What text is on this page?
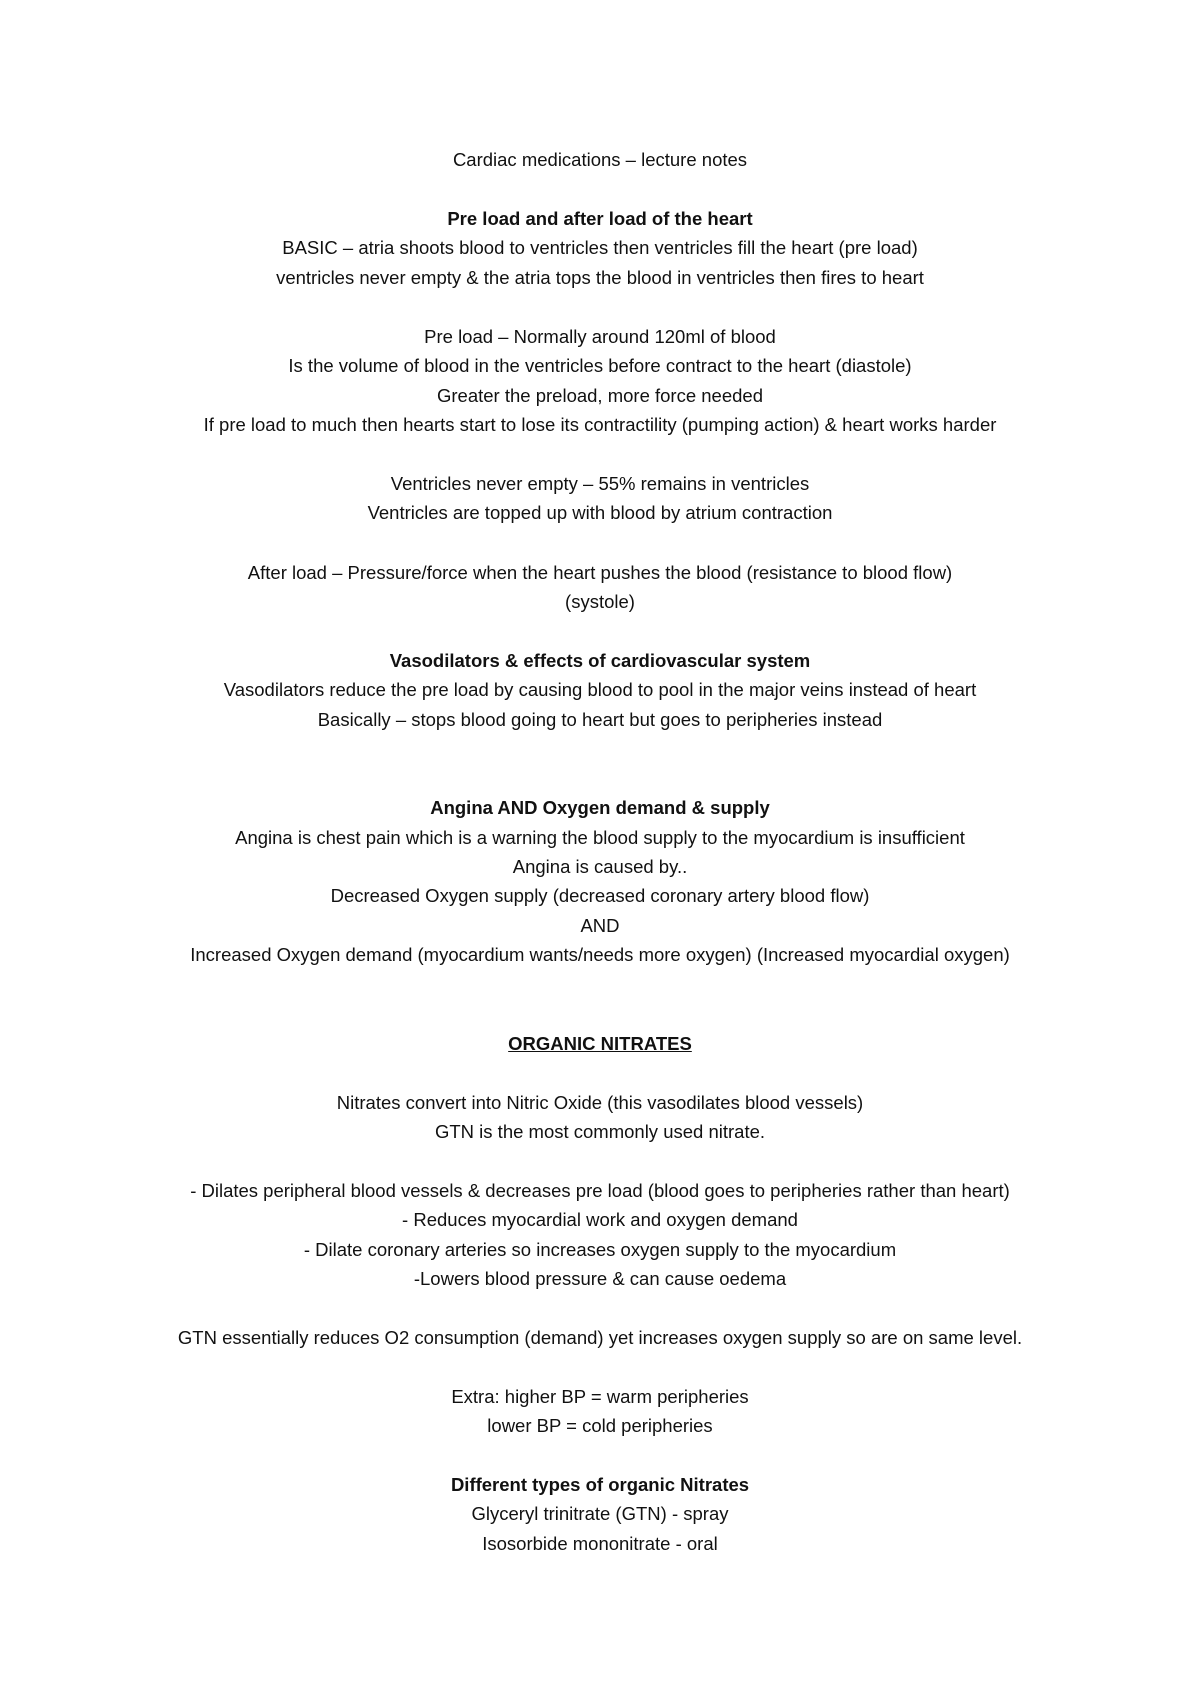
Cardiac medications – lecture notes

Pre load and after load of the heart

BASIC – atria shoots blood to ventricles then ventricles fill the heart (pre load)

ventricles never empty & the atria tops the blood in ventricles then fires to heart

Pre load – Normally around 120ml of blood

Is the volume of blood in the ventricles before contract to the heart (diastole)

Greater the preload, more force needed

If pre load to much then hearts start to lose its contractility (pumping action) & heart works harder

Ventricles never empty – 55% remains in ventricles

Ventricles are topped up with blood by atrium contraction

After load – Pressure/force when the heart pushes the blood (resistance to blood flow)

(systole)

Vasodilators & effects of cardiovascular system

Vasodilators reduce the pre load by causing blood to pool in the major veins instead of heart

Basically – stops blood going to heart but goes to peripheries instead

Angina AND Oxygen demand & supply

Angina is chest pain which is a warning the blood supply to the myocardium is insufficient

Angina is caused by..

Decreased Oxygen supply (decreased coronary artery blood flow)

AND

Increased Oxygen demand (myocardium wants/needs more oxygen) (Increased myocardial oxygen)

ORGANIC NITRATES

Nitrates convert into Nitric Oxide (this vasodilates blood vessels)

GTN is the most commonly used nitrate.

- Dilates peripheral blood vessels & decreases pre load (blood goes to peripheries rather than heart)

- Reduces myocardial work and oxygen demand

- Dilate coronary arteries so increases oxygen supply to the myocardium

-Lowers blood pressure & can cause oedema

GTN essentially reduces O2 consumption (demand) yet increases oxygen supply so are on same level.

Extra: higher BP = warm peripheries

lower BP = cold peripheries

Different types of organic Nitrates

Glyceryl trinitrate (GTN) - spray

Isosorbide mononitrate - oral
